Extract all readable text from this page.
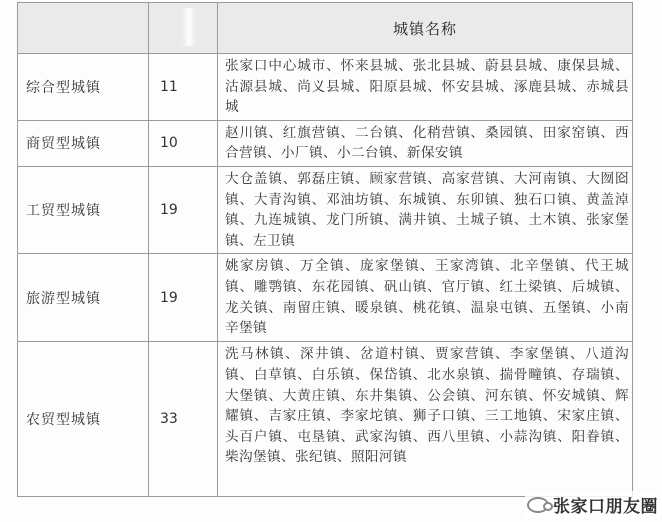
		城镇名称
综合型城镇	11	张家口中心城市、怀来县城、张北县城、蔚县县城、康保县城、沽源县城、尚义县城、阳原县城、怀安县城、涿鹿县城、赤城县城
商贸型城镇	10	赵川镇、红旗营镇、二台镇、化稍营镇、桑园镇、田家窑镇、西合营镇、小厂镇、小二台镇、新保安镇
工贸型城镇	19	大仓盖镇、郭磊庄镇、顾家营镇、高家营镇、大河南镇、大囫囵镇、大青沟镇、邓油坊镇、东城镇、东卯镇、独石口镇、黄盖淖镇、九连城镇、龙门所镇、满井镇、土城子镇、土木镇、张家堡镇、左卫镇
旅游型城镇	19	姚家房镇、万全镇、庞家堡镇、王家湾镇、北辛堡镇、代王城镇、雕鹗镇、东花园镇、矾山镇、官厅镇、红土梁镇、后城镇、龙关镇、南留庄镇、暖泉镇、桃花镇、温泉屯镇、五堡镇、小南辛堡镇
农贸型城镇	33	洗马林镇、深井镇、岔道村镇、贾家营镇、李家堡镇、八道沟镇、白草镇、白乐镇、保岱镇、北水泉镇、揣骨疃镇、存瑞镇、大堡镇、大黄庄镇、东井集镇、公会镇、河东镇、怀安城镇、辉耀镇、吉家庄镇、李家坨镇、狮子口镇、三工地镇、宋家庄镇、头百户镇、屯垦镇、武家沟镇、西八里镇、小蒜沟镇、阳眷镇、柴沟堡镇、张纪镇、照阳河镇
张家口朋友圈
